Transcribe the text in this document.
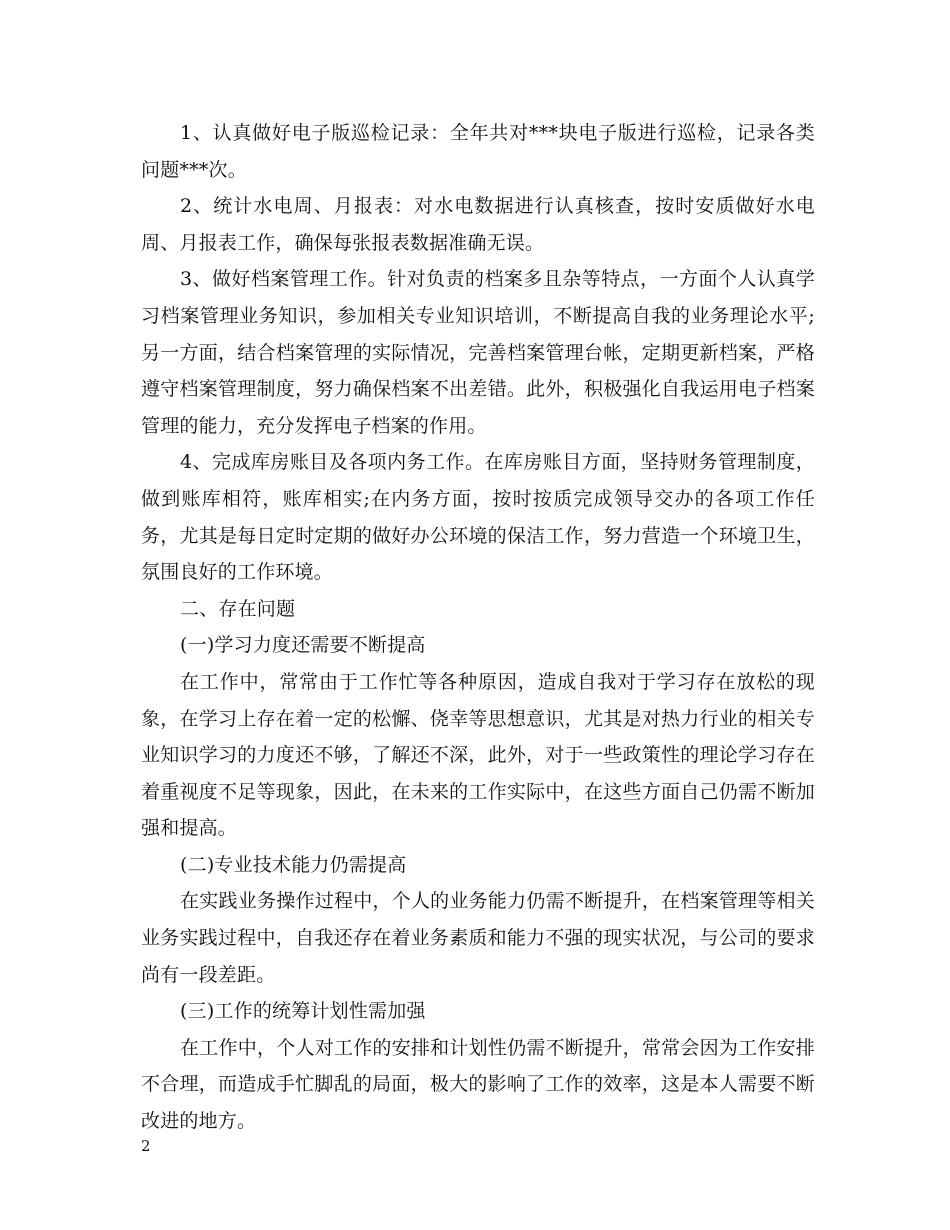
1、认真做好电子版巡检记录：全年共对***块电子版进行巡检，记录各类问题***次。

2、统计水电周、月报表：对水电数据进行认真核查，按时安质做好水电周、月报表工作，确保每张报表数据准确无误。

3、做好档案管理工作。针对负责的档案多且杂等特点，一方面个人认真学习档案管理业务知识，参加相关专业知识培训，不断提高自我的业务理论水平;另一方面，结合档案管理的实际情况，完善档案管理台帐，定期更新档案，严格遵守档案管理制度，努力确保档案不出差错。此外，积极强化自我运用电子档案管理的能力，充分发挥电子档案的作用。

4、完成库房账目及各项内务工作。在库房账目方面，坚持财务管理制度，做到账库相符，账库相实;在内务方面，按时按质完成领导交办的各项工作任务，尤其是每日定时定期的做好办公环境的保洁工作，努力营造一个环境卫生，氛围良好的工作环境。

二、存在问题

(一)学习力度还需要不断提高

在工作中，常常由于工作忙等各种原因，造成自我对于学习存在放松的现象，在学习上存在着一定的松懈、侥幸等思想意识，尤其是对热力行业的相关专业知识学习的力度还不够，了解还不深，此外，对于一些政策性的理论学习存在着重视度不足等现象，因此，在未来的工作实际中，在这些方面自己仍需不断加强和提高。

(二)专业技术能力仍需提高

在实践业务操作过程中，个人的业务能力仍需不断提升，在档案管理等相关业务实践过程中，自我还存在着业务素质和能力不强的现实状况，与公司的要求尚有一段差距。

(三)工作的统筹计划性需加强

在工作中，个人对工作的安排和计划性仍需不断提升，常常会因为工作安排不合理，而造成手忙脚乱的局面，极大的影响了工作的效率，这是本人需要不断改进的地方。

2
